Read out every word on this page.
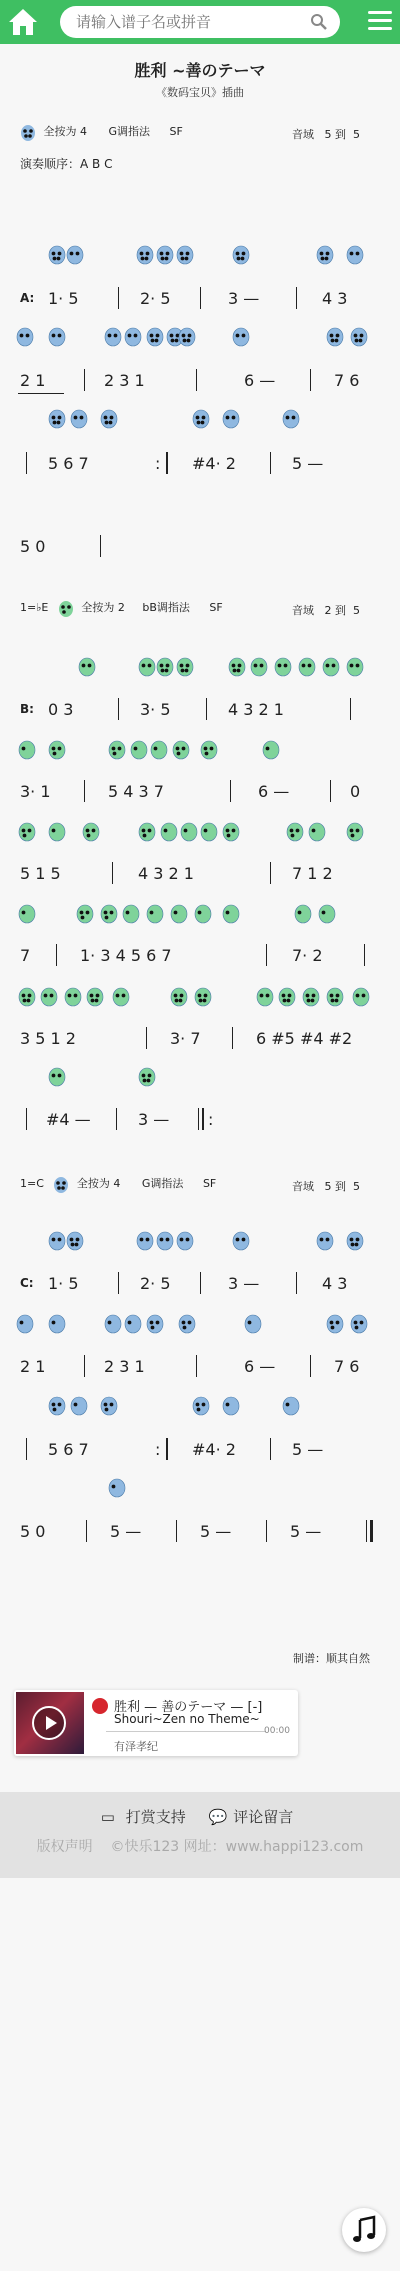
请输入谱子名或拼音
胜利 ~善のテーマ
《数码宝贝》插曲
全按为 4 G调指法 SF	音域 5 到 5
演奏顺序：A B C
A: 1· 5	2· 5	3 —	4 3
2 1	2 3 1	6 —	7 6
5 6 7	: #4· 2	5 —
5 0
1=♭E	全按为 2 bB调指法 SF	音域 2 到 5
B: 0 3	3· 5	4 3 2 1
3· 1	5 4 3 7	6 —	0
5 1 5	4 3 2 1	7 1 2
7	1· 3 4 5 6 7	7· 2
3 5 1 2	3· 7	6 #5 #4 #2
#4 —	3 — :
1=C	全按为 4 G调指法 SF	音域 5 到 5
C: 1· 5	2· 5	3 —	4 3
2 1	2 3 1	6 —	7 6
5 6 7	: #4· 2	5 —
5 0	5 —	5 —	5 —
制谱：顺其自然
胜利 — 善のテーマ — [-]
Shouri~Zen no Theme~
00:00
有泽孝纪
▭ 打赏支持 💬 评论留言
版权声明 ©快乐123 网址：www.happi123.com
